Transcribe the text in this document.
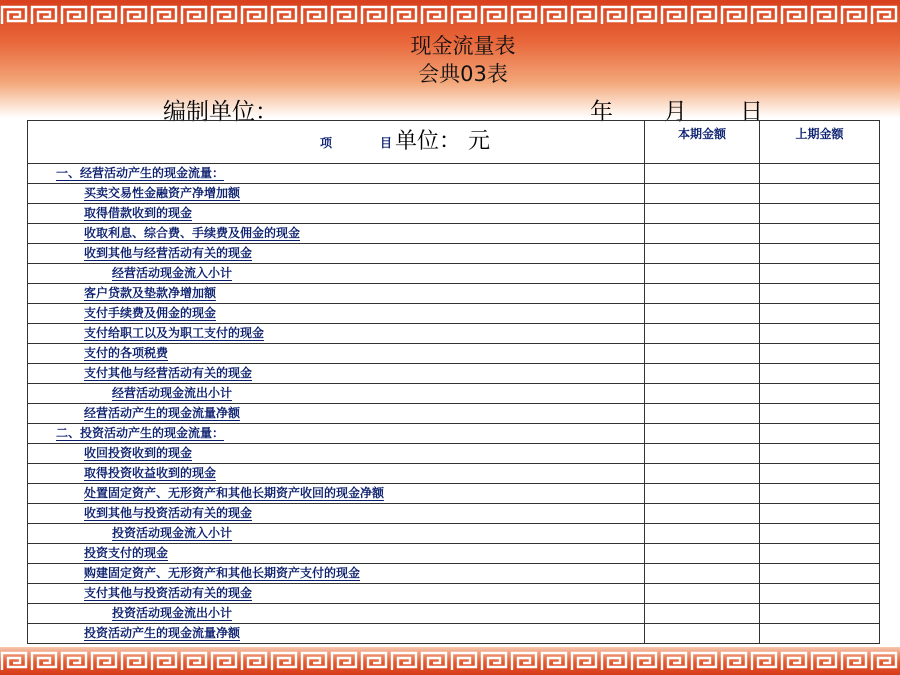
现金流量表
会典03表
编制单位：	年 月 日
项 目	本期金额	上期金额
一、经营活动产生的现金流量：		
买卖交易性金融资产净增加额		
取得借款收到的现金		
收取利息、综合费、手续费及佣金的现金		
收到其他与经营活动有关的现金		
经营活动现金流入小计		
客户贷款及垫款净增加额		
支付手续费及佣金的现金		
支付给职工以及为职工支付的现金		
支付的各项税费		
支付其他与经营活动有关的现金		
经营活动现金流出小计		
经营活动产生的现金流量净额		
二、投资活动产生的现金流量：		
收回投资收到的现金		
取得投资收益收到的现金		
处置固定资产、无形资产和其他长期资产收回的现金净额		
收到其他与投资活动有关的现金		
投资活动现金流入小计		
投资支付的现金		
购建固定资产、无形资产和其他长期资产支付的现金		
支付其他与投资活动有关的现金		
投资活动现金流出小计		
投资活动产生的现金流量净额		
单位： 元
